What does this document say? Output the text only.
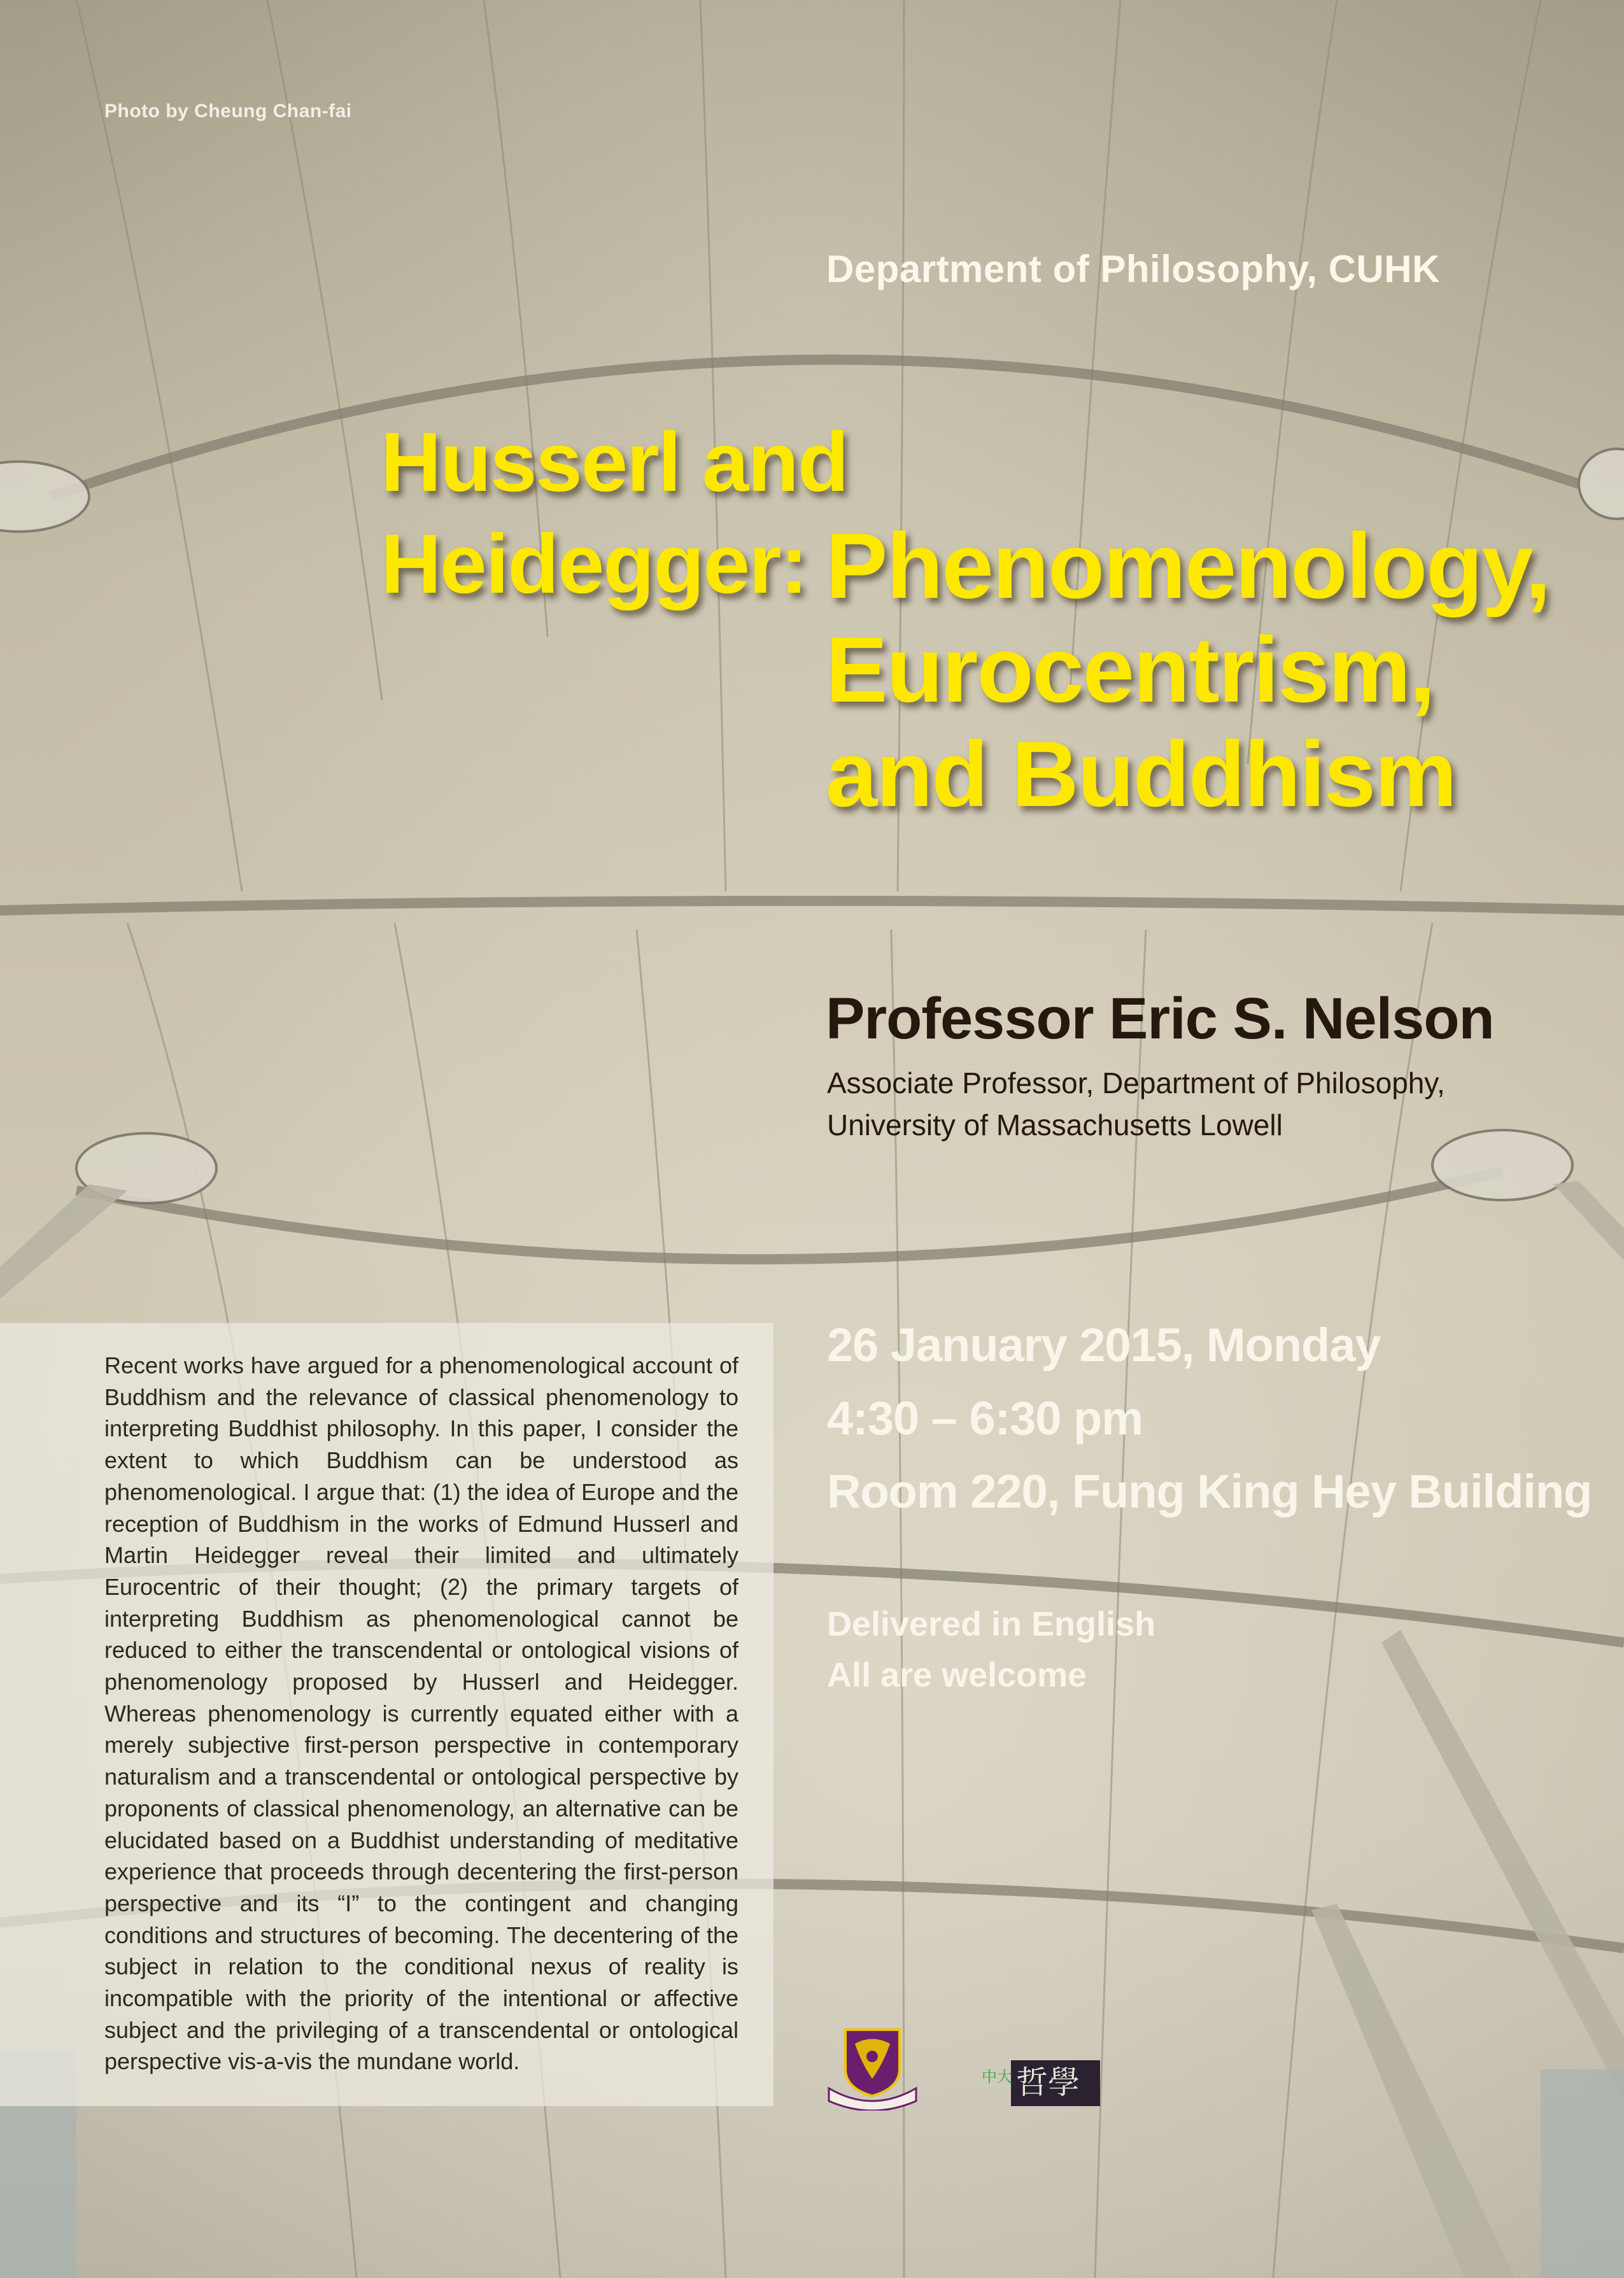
Photo by Cheung Chan-fai
Department of Philosophy, CUHK
Husserl and
Heidegger: Phenomenology,
Eurocentrism,
and Buddhism
Professor Eric S. Nelson
Associate Professor, Department of Philosophy,
University of Massachusetts Lowell
26 January 2015, Monday
4:30 – 6:30 pm
Room 220, Fung King Hey Building
Delivered in English
All are welcome
Recent works have argued for a phenomenological account of Buddhism and the relevance of classical phenomenology to interpreting Buddhist philosophy. In this paper, I consider the extent to which Buddhism can be understood as phenomenological. I argue that: (1) the idea of Europe and the reception of Buddhism in the works of Edmund Husserl and Martin Heidegger reveal their limited and ultimately Eurocentric of their thought; (2) the primary targets of interpreting Buddhism as phenomenological cannot be reduced to either the transcendental or ontological visions of phenomenology proposed by Husserl and Heidegger. Whereas phenomenology is currently equated either with a merely subjective first-person perspective in contemporary naturalism and a transcendental or ontological perspective by proponents of classical phenomenology, an alternative can be elucidated based on a Buddhist understanding of meditative experience that proceeds through decentering the first-person perspective and its “I” to the contingent and changing conditions and structures of becoming. The decentering of the subject in relation to the conditional nexus of reality is incompatible with the priority of the intentional or affective subject and the privileging of a transcendental or ontological perspective vis-a-vis the mundane world.
中大 哲學
